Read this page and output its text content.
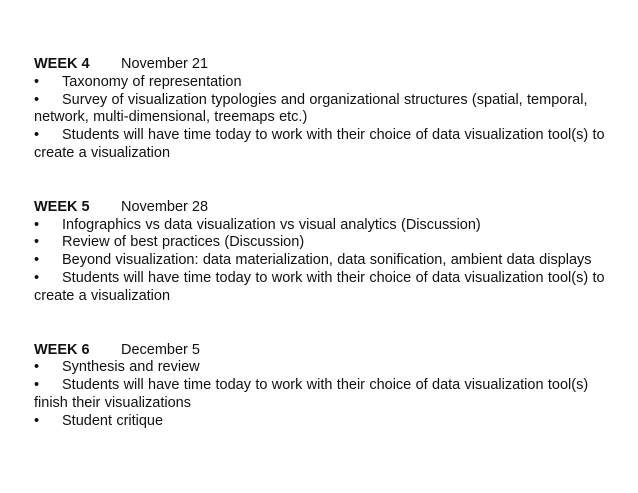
WEEK 4 November 21
• Taxonomy of representation
• Survey of visualization typologies and organizational structures (spatial, temporal, network, multi-dimensional, treemaps etc.)
• Students will have time today to work with their choice of data visualization tool(s) to create a visualization
WEEK 5 November 28
• Infographics vs data visualization vs visual analytics (Discussion)
• Review of best practices (Discussion)
• Beyond visualization: data materialization, data sonification, ambient data displays
• Students will have time today to work with their choice of data visualization tool(s) to create a visualization
WEEK 6 December 5
• Synthesis and review
• Students will have time today to work with their choice of data visualization tool(s) finish their visualizations
• Student critique
